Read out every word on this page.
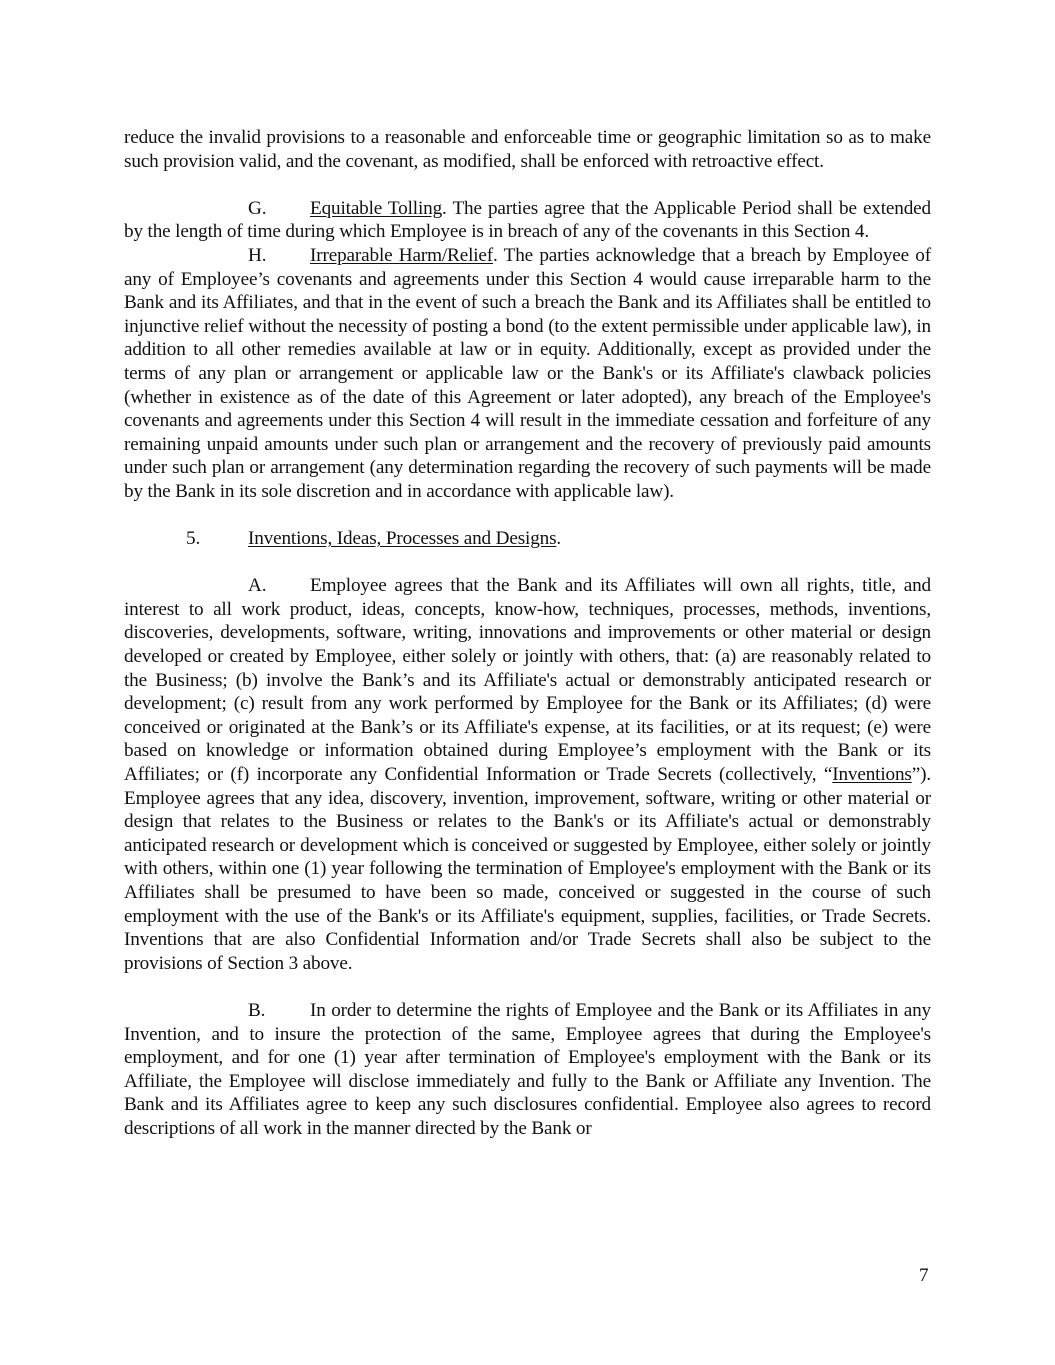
reduce the invalid provisions to a reasonable and enforceable time or geographic limitation so as to make such provision valid, and the covenant, as modified, shall be enforced with retroactive effect.

G. Equitable Tolling. The parties agree that the Applicable Period shall be extended by the length of time during which Employee is in breach of any of the covenants in this Section 4.

H. Irreparable Harm/Relief. The parties acknowledge that a breach by Employee of any of Employee’s covenants and agreements under this Section 4 would cause irreparable harm to the Bank and its Affiliates, and that in the event of such a breach the Bank and its Affiliates shall be entitled to injunctive relief without the necessity of posting a bond (to the extent permissible under applicable law), in addition to all other remedies available at law or in equity. Additionally, except as provided under the terms of any plan or arrangement or applicable law or the Bank's or its Affiliate's clawback policies (whether in existence as of the date of this Agreement or later adopted), any breach of the Employee's covenants and agreements under this Section 4 will result in the immediate cessation and forfeiture of any remaining unpaid amounts under such plan or arrangement and the recovery of previously paid amounts under such plan or arrangement (any determination regarding the recovery of such payments will be made by the Bank in its sole discretion and in accordance with applicable law).

5. Inventions, Ideas, Processes and Designs.

A. Employee agrees that the Bank and its Affiliates will own all rights, title, and interest to all work product, ideas, concepts, know-how, techniques, processes, methods, inventions, discoveries, developments, software, writing, innovations and improvements or other material or design developed or created by Employee, either solely or jointly with others, that: (a) are reasonably related to the Business; (b) involve the Bank’s and its Affiliate's actual or demonstrably anticipated research or development; (c) result from any work performed by Employee for the Bank or its Affiliates; (d) were conceived or originated at the Bank’s or its Affiliate's expense, at its facilities, or at its request; (e) were based on knowledge or information obtained during Employee’s employment with the Bank or its Affiliates; or (f) incorporate any Confidential Information or Trade Secrets (collectively, “Inventions”). Employee agrees that any idea, discovery, invention, improvement, software, writing or other material or design that relates to the Business or relates to the Bank's or its Affiliate's actual or demonstrably anticipated research or development which is conceived or suggested by Employee, either solely or jointly with others, within one (1) year following the termination of Employee's employment with the Bank or its Affiliates shall be presumed to have been so made, conceived or suggested in the course of such employment with the use of the Bank's or its Affiliate's equipment, supplies, facilities, or Trade Secrets. Inventions that are also Confidential Information and/or Trade Secrets shall also be subject to the provisions of Section 3 above.

B. In order to determine the rights of Employee and the Bank or its Affiliates in any Invention, and to insure the protection of the same, Employee agrees that during the Employee's employment, and for one (1) year after termination of Employee's employment with the Bank or its Affiliate, the Employee will disclose immediately and fully to the Bank or Affiliate any Invention. The Bank and its Affiliates agree to keep any such disclosures confidential. Employee also agrees to record descriptions of all work in the manner directed by the Bank or

7
